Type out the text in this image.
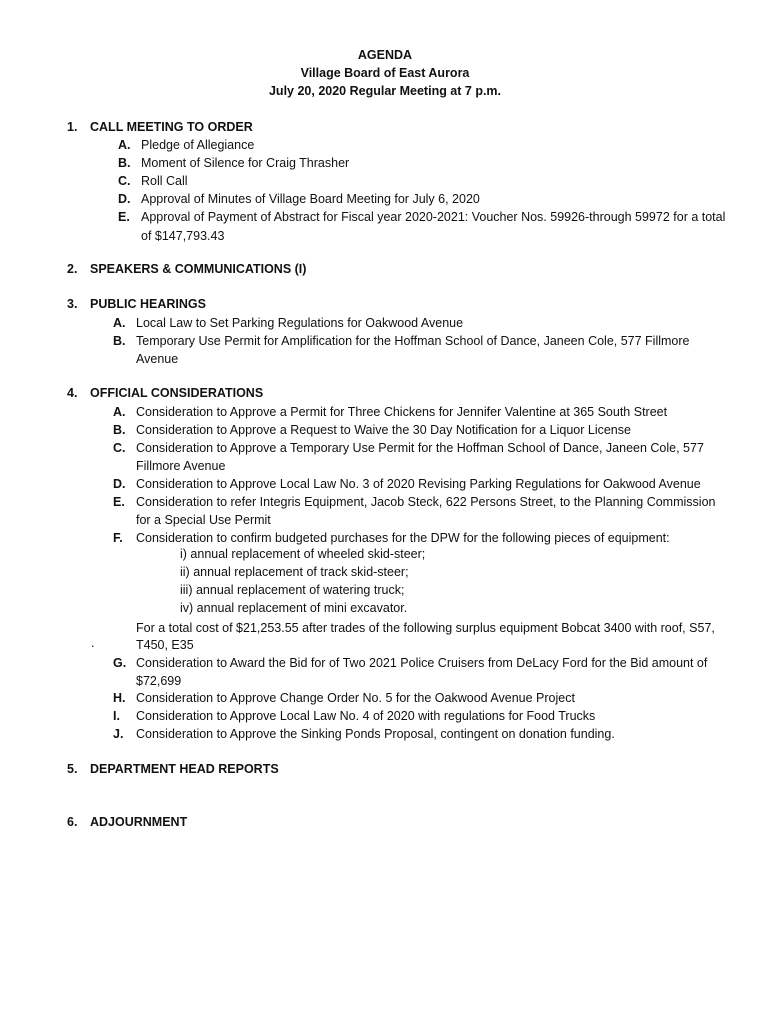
AGENDA
Village Board of East Aurora
July 20, 2020 Regular Meeting at 7 p.m.
1. CALL MEETING TO ORDER
A. Pledge of Allegiance
B. Moment of Silence for Craig Thrasher
C. Roll Call
D. Approval of Minutes of Village Board Meeting for July 6, 2020
E. Approval of Payment of Abstract for Fiscal year 2020-2021: Voucher Nos. 59926-through 59972 for a total
of $147,793.43
2. SPEAKERS & COMMUNICATIONS (I)
3. PUBLIC HEARINGS
A. Local Law to Set Parking Regulations for Oakwood Avenue
B. Temporary Use Permit for Amplification for the Hoffman School of Dance, Janeen Cole, 577 Fillmore
Avenue
4. OFFICIAL CONSIDERATIONS
A. Consideration to Approve a Permit for Three Chickens for Jennifer Valentine at 365 South Street
B. Consideration to Approve a Request to Waive the 30 Day Notification for a Liquor License
C. Consideration to Approve a Temporary Use Permit for the Hoffman School of Dance, Janeen Cole, 577
Fillmore Avenue
D. Consideration to Approve Local Law No. 3 of 2020 Revising Parking Regulations for Oakwood Avenue
E. Consideration to refer Integris Equipment, Jacob Steck, 622 Persons Street, to the Planning Commission
for a Special Use Permit
F. Consideration to confirm budgeted purchases for the DPW for the following pieces of equipment:
i) annual replacement of wheeled skid-steer;
ii) annual replacement of track skid-steer;
iii) annual replacement of watering truck;
iv) annual replacement of mini excavator.
For a total cost of $21,253.55 after trades of the following surplus equipment Bobcat 3400 with roof, S57,
.	T450, E35
G. Consideration to Award the Bid for of Two 2021 Police Cruisers from DeLacy Ford for the Bid amount of
$72,699
H. Consideration to Approve Change Order No. 5 for the Oakwood Avenue Project
I. Consideration to Approve Local Law No. 4 of 2020 with regulations for Food Trucks
J. Consideration to Approve the Sinking Ponds Proposal, contingent on donation funding.
5. DEPARTMENT HEAD REPORTS
6. ADJOURNMENT
